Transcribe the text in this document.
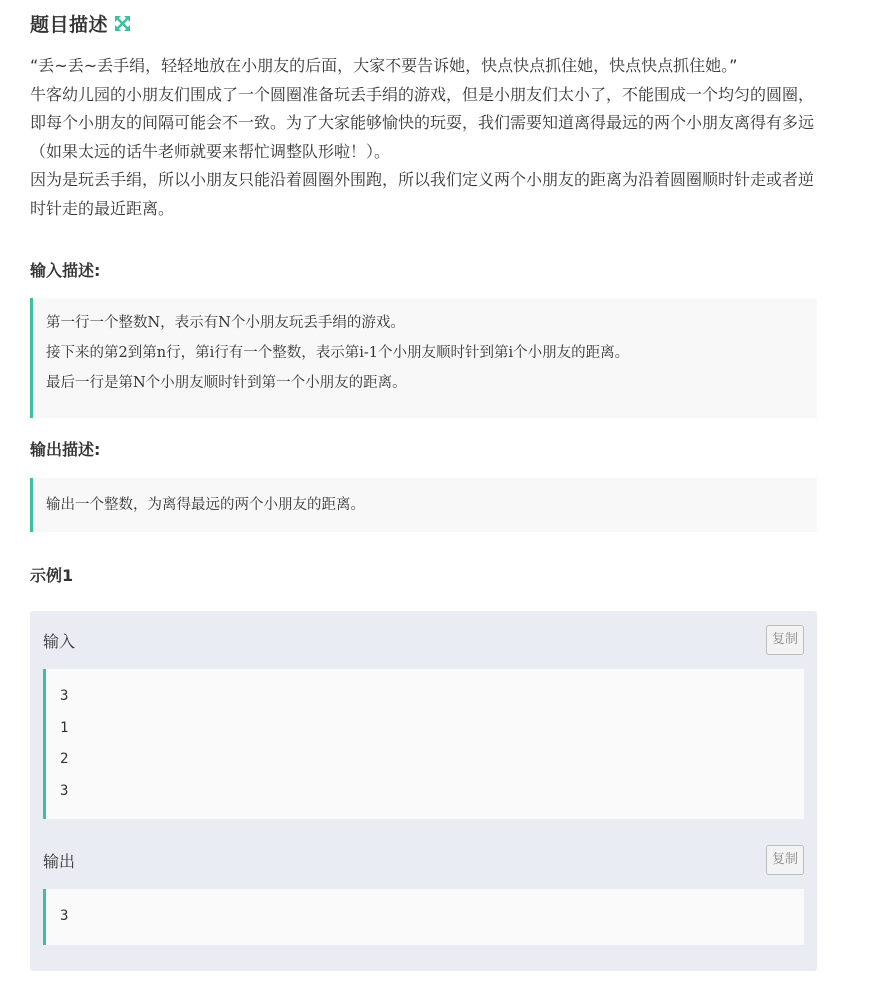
题目描述

“丢~丢~丢手绢，轻轻地放在小朋友的后面，大家不要告诉她，快点快点抓住她，快点快点抓住她。”

牛客幼儿园的小朋友们围成了一个圆圈准备玩丢手绢的游戏，但是小朋友们太小了，不能围成一个均匀的圆圈，即每个小朋友的间隔可能会不一致。为了大家能够愉快的玩耍，我们需要知道离得最远的两个小朋友离得有多远（如果太远的话牛老师就要来帮忙调整队形啦！）。

因为是玩丢手绢，所以小朋友只能沿着圆圈外围跑，所以我们定义两个小朋友的距离为沿着圆圈顺时针走或者逆时针走的最近距离。

输入描述:

第一行一个整数N，表示有N个小朋友玩丢手绢的游戏。

接下来的第2到第n行，第i行有一个整数，表示第i-1个小朋友顺时针到第i个小朋友的距离。

最后一行是第N个小朋友顺时针到第一个小朋友的距离。

输出描述:

输出一个整数，为离得最远的两个小朋友的距离。

示例1
输入	复制
3
1
2
3
输出	复制
3
